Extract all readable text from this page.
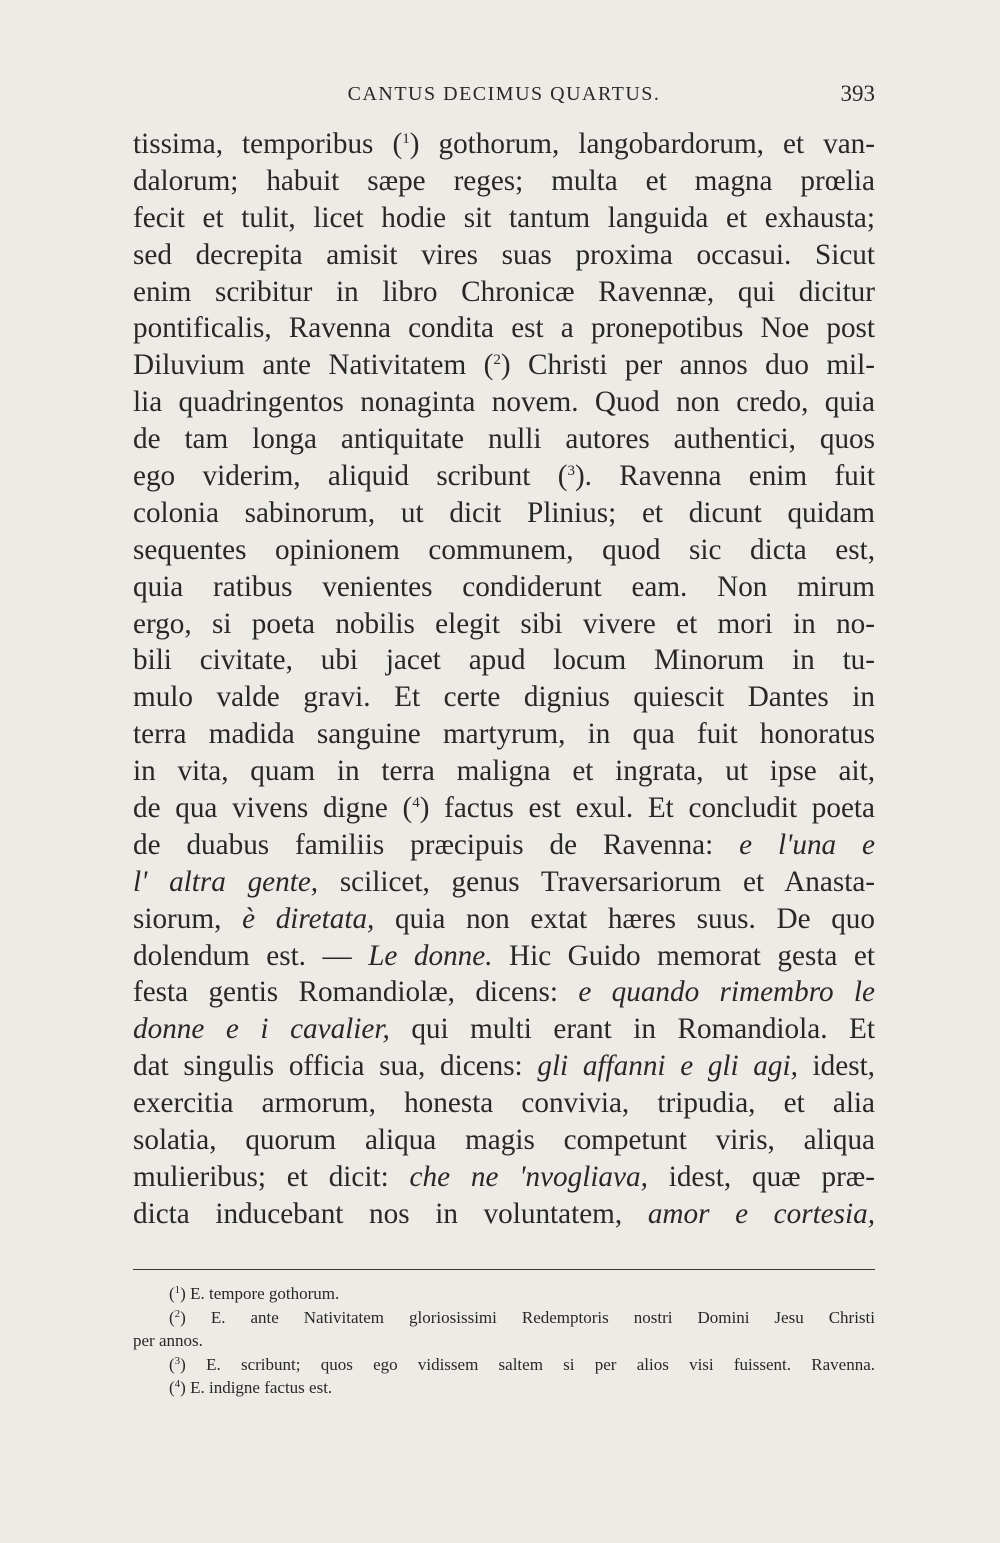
CANTUS DECIMUS QUARTUS.	393
tissima, temporibus ($^1$) gothorum, langobardorum, et van-
dalorum; habuit sæpe reges; multa et magna prœlia
fecit et tulit, licet hodie sit tantum languida et exhausta;
sed decrepita amisit vires suas proxima occasui. Sicut
enim scribitur in libro Chronicæ Ravennæ, qui dicitur
pontificalis, Ravenna condita est a pronepotibus Noe post
Diluvium ante Nativitatem ($^2$) Christi per annos duo mil-
lia quadringentos nonaginta novem. Quod non credo, quia
de tam longa antiquitate nulli autores authentici, quos
ego viderim, aliquid scribunt ($^3$). Ravenna enim fuit
colonia sabinorum, ut dicit Plinius; et dicunt quidam
sequentes opinionem communem, quod sic dicta est,
quia ratibus venientes condiderunt eam. Non mirum
ergo, si poeta nobilis elegit sibi vivere et mori in no-
bili civitate, ubi jacet apud locum Minorum in tu-
mulo valde gravi. Et certe dignius quiescit Dantes in
terra madida sanguine martyrum, in qua fuit honoratus
in vita, quam in terra maligna et ingrata, ut ipse ait,
de qua vivens digne ($^4$) factus est exul. Et concludit poeta
de duabus familiis præcipuis de Ravenna: e l'una e
l' altra gente, scilicet, genus Traversariorum et Anasta-
siorum, è diretata, quia non extat hæres suus. De quo
dolendum est. — Le donne. Hic Guido memorat gesta et
festa gentis Romandiolæ, dicens: e quando rimembro le
donne e i cavalier, qui multi erant in Romandiola. Et
dat singulis officia sua, dicens: gli affanni e gli agi, idest,
exercitia armorum, honesta convivia, tripudia, et alia
solatia, quorum aliqua magis competunt viris, aliqua
mulieribus; et dicit: che ne 'nvogliava, idest, quæ præ-
dicta inducebant nos in voluntatem, amor e cortesia,
($^1$) E. tempore gothorum.
($^2$) E. ante Nativitatem gloriosissimi Redemptoris nostri Domini Jesu Christi
per annos.
($^3$) E. scribunt; quos ego vidissem saltem si per alios visi fuissent. Ravenna.
($^4$) E. indigne factus est.
